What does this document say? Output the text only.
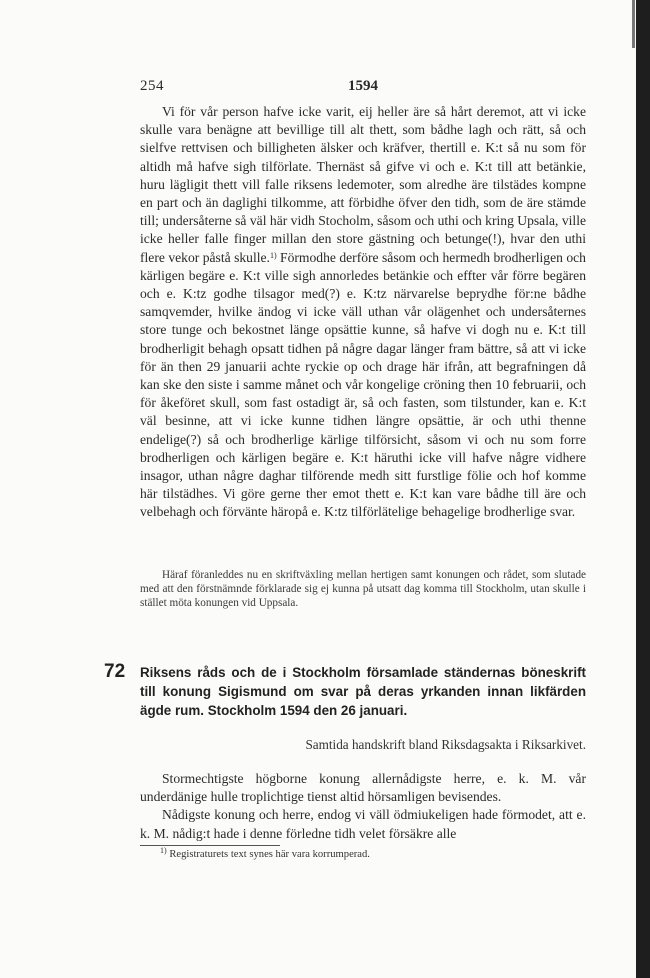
254	1594

Vi för vår person hafve icke varit, eij heller äre så hårt deremot, att vi icke skulle vara benägne att bevillige till alt thett, som bådhe lagh och rätt, så och sielfve rettvisen och billigheten älsker och kräfver, thertill e. K:t så nu som för altidh må hafve sigh tilförlate. Thernäst så gifve vi och e. K:t till att betänkie, huru lägligit thett vill falle riksens ledemoter, som alredhe äre tilstädes kompne en part och än daglighi tilkomme, att förbidhe öfver den tidh, som de äre stämde till; undersåterne så väl här vidh Stocholm, såsom och uthi och kring Upsala, ville icke heller falle finger millan den store gästning och betunge(!), hvar den uthi flere vekor påstå skulle.$^{1)}$ Förmodhe derföre såsom och hermedh brodherligen och kärligen begäre e. K:t ville sigh annorledes betänkie och effter vår förre begären och e. K:tz godhe tilsagor med(?) e. K:tz närvarelse beprydhe för:ne bådhe samqvemder, hvilke ändog vi icke väll uthan vår olägenhet och undersåternes store tunge och bekostnet länge opsättie kunne, så hafve vi dogh nu e. K:t till brodherligit behagh opsatt tidhen på någre dagar länger fram bättre, så att vi icke för än then 29 januarii achte ryckie op och drage här ifrån, att begrafningen då kan ske den siste i samme månet och vår kongelige cröning then 10 februarii, och för åkeföret skull, som fast ostadigt är, så och fasten, som tilstunder, kan e. K:t väl besinne, att vi icke kunne tidhen längre opsättie, är och uthi thenne endelige(?) så och brodherlige kärlige tilförsicht, såsom vi och nu som forre brodherligen och kärligen begäre e. K:t häruthi icke vill hafve någre vidhere insagor, uthan någre daghar tilförende medh sitt furstlige fölie och hof komme här tilstädhes. Vi göre gerne ther emot thett e. K:t kan vare bådhe till äre och velbehagh och förvänte häropå e. K:tz tilförlätelige behagelige brodherlige svar.

Häraf föranleddes nu en skriftväxling mellan hertigen samt konungen och rådet, som slutade med att den förstnämnde förklarade sig ej kunna på utsatt dag komma till Stockholm, utan skulle i stället möta konungen vid Uppsala.

72 Riksens råds och de i Stockholm församlade ständernas böneskrift till konung Sigismund om svar på deras yrkanden innan likfärden ägde rum. Stockholm 1594 den 26 januari.
Samtida handskrift bland Riksdagsakta i Riksarkivet.

Stormechtigste högborne konung allernådigste herre, e. k. M. vår underdänige hulle troplichtige tienst altid hörsamligen bevisendes.

Nådigste konung och herre, endog vi väll ödmiukeligen hade förmodet, att e. k. M. nådig:t hade i denne förledne tidh velet försäkre alle

$^{1)}$ Registraturets text synes här vara korrumperad.
